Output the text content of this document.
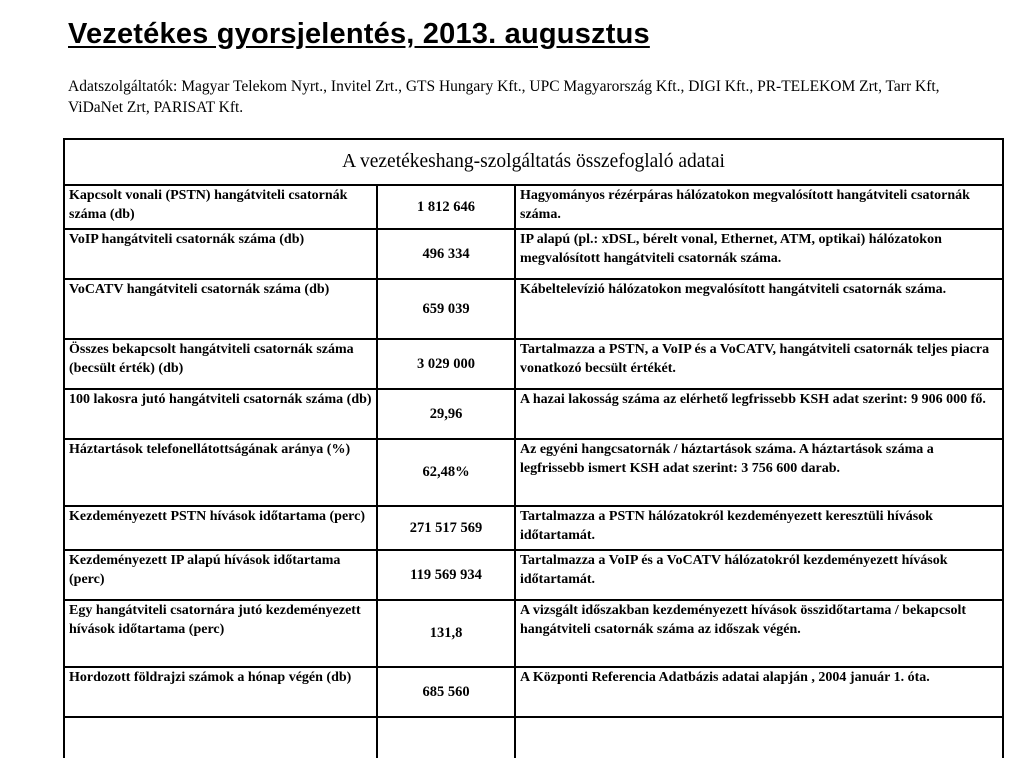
Vezetékes gyorsjelentés, 2013. augusztus
Adatszolgáltatók: Magyar Telekom Nyrt., Invitel Zrt., GTS Hungary Kft., UPC Magyarország Kft., DIGI Kft., PR-TELEKOM Zrt, Tarr Kft, ViDaNet Zrt, PARISAT Kft.
A vezetékeshang-szolgáltatás összefoglaló adatai		
Kapcsolt vonali (PSTN) hangátviteli csatornák száma (db)	1 812 646	Hagyományos rézérpáras hálózatokon megvalósított hangátviteli csatornák száma.
VoIP hangátviteli csatornák száma (db)	496 334	IP alapú (pl.: xDSL, bérelt vonal, Ethernet, ATM, optikai) hálózatokon megvalósított hangátviteli csatornák száma.
VoCATV hangátviteli csatornák száma (db)	659 039	Kábeltelevízió hálózatokon megvalósított hangátviteli csatornák száma.
Összes bekapcsolt hangátviteli csatornák száma (becsült érték) (db)	3 029 000	Tartalmazza a PSTN, a VoIP és a VoCATV, hangátviteli csatornák teljes piacra vonatkozó becsült értékét.
100 lakosra jutó hangátviteli csatornák száma (db)	29,96	A hazai lakosság száma az elérhető legfrissebb KSH adat szerint: 9 906 000 fő.
Háztartások telefonellátottságának aránya (%)	62,48%	Az egyéni hangcsatornák / háztartások száma. A háztartások száma a legfrissebb ismert KSH adat szerint: 3 756 600 darab.
Kezdeményezett PSTN hívások időtartama (perc)	271 517 569	Tartalmazza a PSTN hálózatokról kezdeményezett keresztüli hívások időtartamát.
Kezdeményezett IP alapú hívások időtartama (perc)	119 569 934	Tartalmazza a VoIP és a VoCATV hálózatokról kezdeményezett hívások időtartamát.
Egy hangátviteli csatornára jutó kezdeményezett hívások időtartama (perc)	131,8	A vizsgált időszakban kezdeményezett hívások összidőtartama / bekapcsolt hangátviteli csatornák száma az időszak végén.
Hordozott földrajzi számok a hónap végén (db)	685 560	A Központi Referencia Adatbázis adatai alapján , 2004 január 1. óta.
